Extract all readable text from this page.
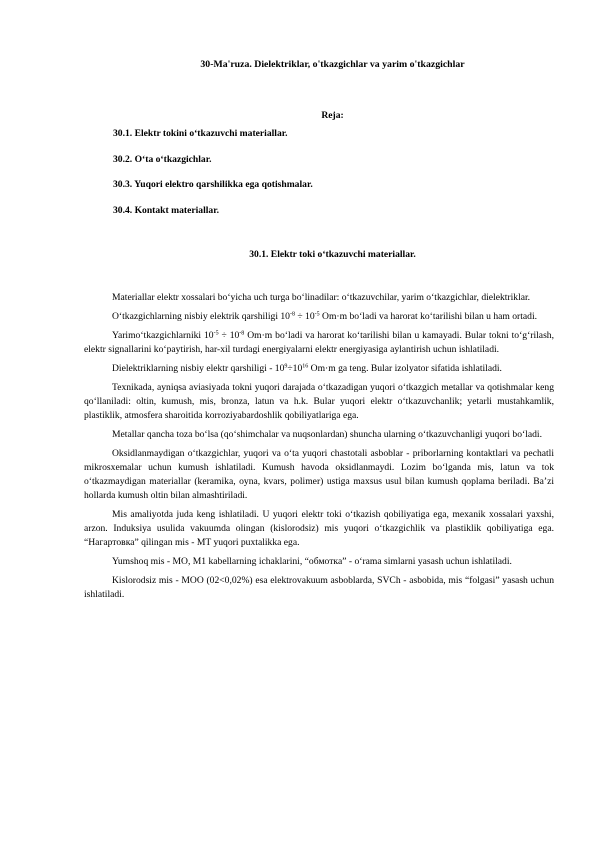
30-Ma'ruza. Dielektriklar, o'tkazgichlar va yarim o'tkazgichlar
Reja:
30.1. Elektr tokini o‘tkazuvchi materiallar.
30.2. O‘ta o‘tkazgichlar.
30.3. Yuqori elektro qarshilikka ega qotishmalar.
30.4. Kontakt materiallar.
30.1. Elektr toki o‘tkazuvchi materiallar.

Materiallar elektr xossalari bo‘yicha uch turga bo‘linadilar: o‘tkazuvchilar, yarim o‘tkazgichlar, dielektriklar.

O‘tkazgichlarning nisbiy elektrik qarshiligi $10^{-8} \div 10^{-5}$ Om·m bo‘ladi va harorat ko‘tarilishi bilan u ham ortadi.

Yarimo‘tkazgichlarniki $10^{-5} \div 10^{-8}$ Om·m bo‘ladi va harorat ko‘tarilishi bilan u kamayadi. Bular tokni to‘g‘rilash, elektr signallarini ko‘paytirish, har-xil turdagi energiyalarni elektr energiyasiga aylantirish uchun ishlatiladi.

Dielektriklarning nisbiy elektr qarshiligi - $10^9\div 10^{16}$ Om·m ga teng. Bular izolyator sifatida ishlatiladi.

Texnikada, ayniqsa aviasiyada tokni yuqori darajada o‘tkazadigan yuqori o‘tkazgich metallar va qotishmalar keng qo‘llaniladi: oltin, kumush, mis, bronza, latun va h.k. Bular yuqori elektr o‘tkazuvchanlik; yetarli mustahkamlik, plastiklik, atmosfera sharoitida korroziyabardoshlik qobiliyatlariga ega.

Metallar qancha toza bo‘lsa (qo‘shimchalar va nuqsonlardan) shuncha ularning o‘tkazuvchanligi yuqori bo‘ladi.

Oksidlanmaydigan o‘tkazgichlar, yuqori va o‘ta yuqori chastotali asboblar - priborlarning kontaktlari va pechatli mikrosxemalar uchun kumush ishlatiladi. Kumush havoda oksidlanmaydi. Lozim bo‘lganda mis, latun va tok o‘tkazmaydigan materiallar (keramika, oyna, kvars, polimer) ustiga maxsus usul bilan kumush qoplama beriladi. Ba’zi hollarda kumush oltin bilan almashtiriladi.

Mis amaliyotda juda keng ishlatiladi. U yuqori elektr toki o‘tkazish qobiliyatiga ega, mexanik xossalari yaxshi, arzon. Induksiya usulida vakuumda olingan (kislorodsiz) mis yuqori o‘tkazgichlik va plastiklik qobiliyatiga ega. “Нагартовка” qilingan mis - MT yuqori puxtalikka ega.

Yumshoq mis - MO, M1 kabellarning ichaklarini, “обмотка” - o‘rama simlarni yasash uchun ishlatiladi.

Kislorodsiz mis - MOO (02<0,02%) esa elektrovakuum asboblarda, SVCh - asbobida, mis “folgasi” yasash uchun ishlatiladi.
